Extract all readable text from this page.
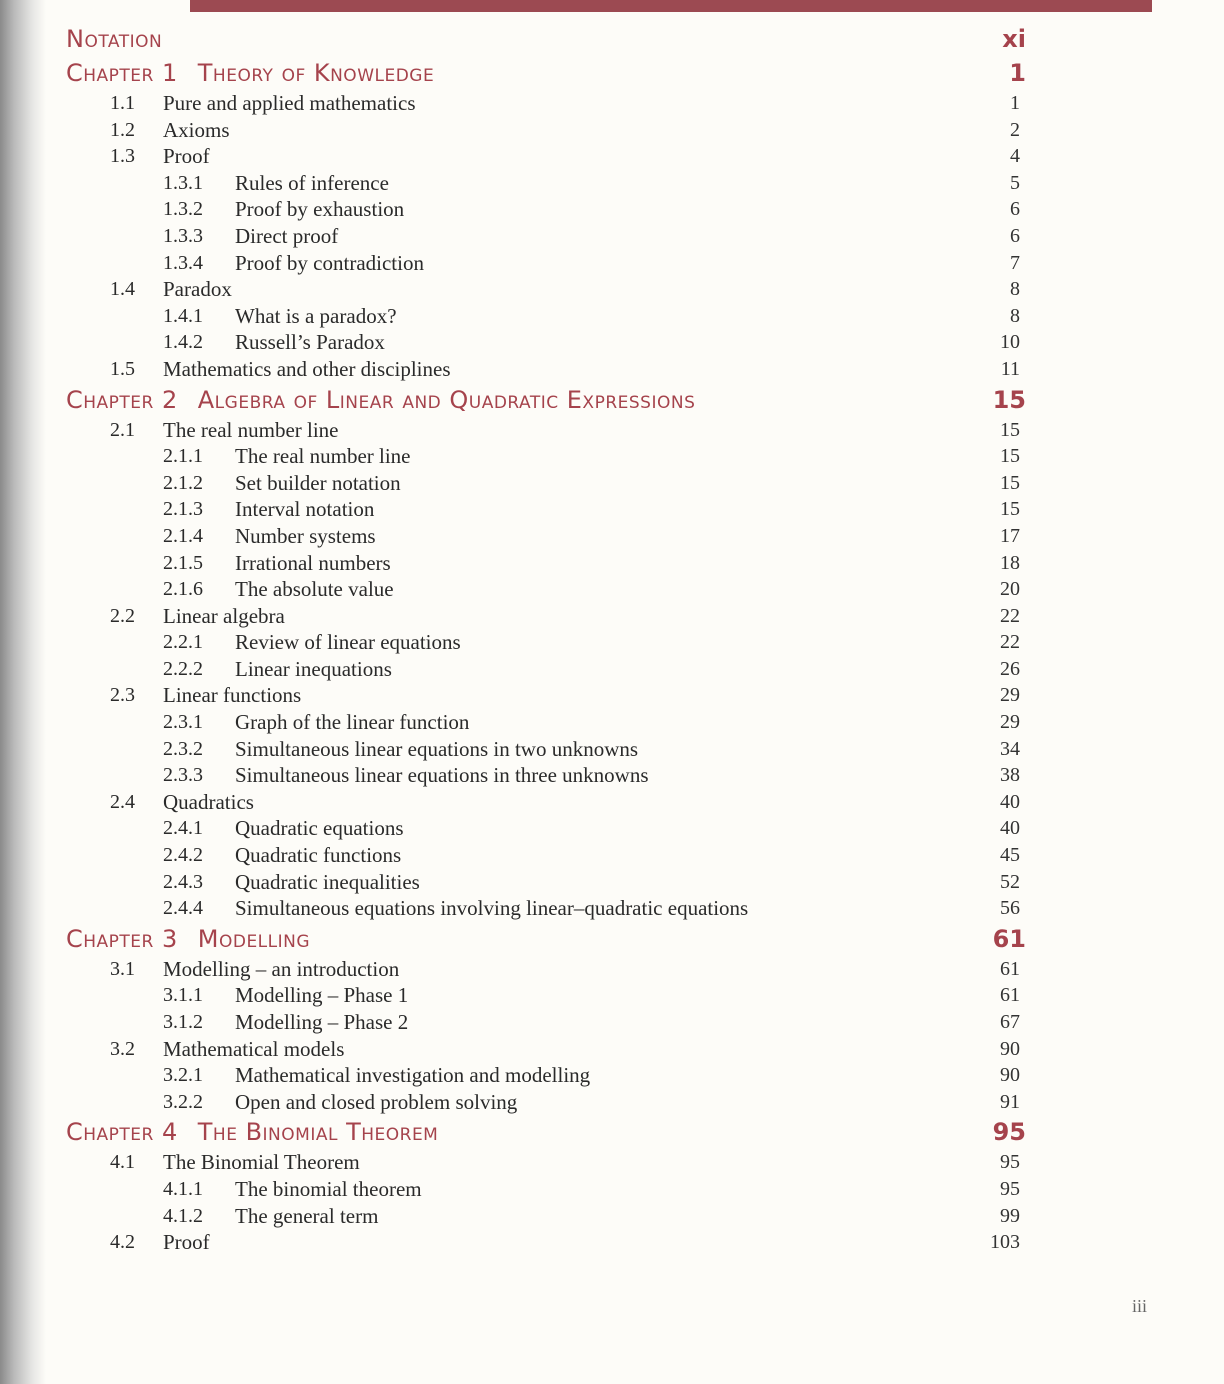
Notation	xi
Chapter 1 Theory of Knowledge	1
1.1 Pure and applied mathematics	1
1.2 Axioms	2
1.3 Proof	4
1.3.1 Rules of inference	5
1.3.2 Proof by exhaustion	6
1.3.3 Direct proof	6
1.3.4 Proof by contradiction	7
1.4 Paradox	8
1.4.1 What is a paradox?	8
1.4.2 Russell’s Paradox	10
1.5 Mathematics and other disciplines	11
Chapter 2 Algebra of Linear and Quadratic Expressions	15
2.1 The real number line	15
2.1.1 The real number line	15
2.1.2 Set builder notation	15
2.1.3 Interval notation	15
2.1.4 Number systems	17
2.1.5 Irrational numbers	18
2.1.6 The absolute value	20
2.2 Linear algebra	22
2.2.1 Review of linear equations	22
2.2.2 Linear inequations	26
2.3 Linear functions	29
2.3.1 Graph of the linear function	29
2.3.2 Simultaneous linear equations in two unknowns	34
2.3.3 Simultaneous linear equations in three unknowns	38
2.4 Quadratics	40
2.4.1 Quadratic equations	40
2.4.2 Quadratic functions	45
2.4.3 Quadratic inequalities	52
2.4.4 Simultaneous equations involving linear–quadratic equations	56
Chapter 3 Modelling	61
3.1 Modelling – an introduction	61
3.1.1 Modelling – Phase 1	61
3.1.2 Modelling – Phase 2	67
3.2 Mathematical models	90
3.2.1 Mathematical investigation and modelling	90
3.2.2 Open and closed problem solving	91
Chapter 4 The Binomial Theorem	95
4.1 The Binomial Theorem	95
4.1.1 The binomial theorem	95
4.1.2 The general term	99
4.2 Proof	103
iii
